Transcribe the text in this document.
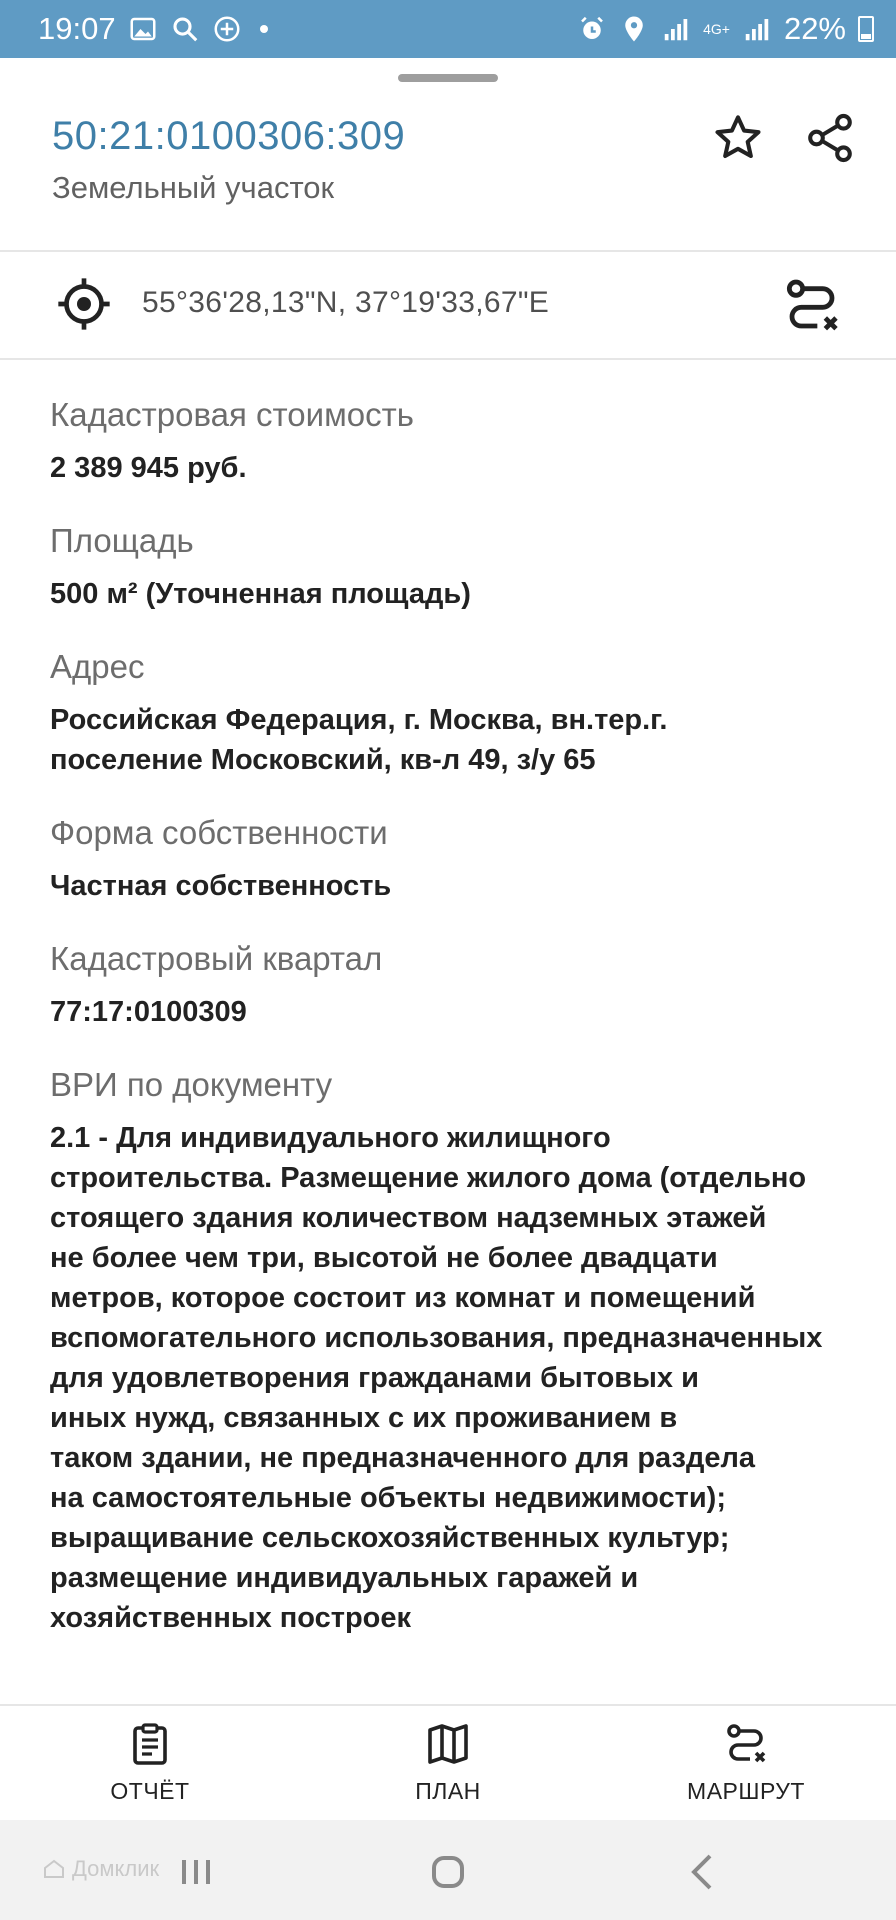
19:07	4G+ 22%
50:21:0100306:309
Земельный участок
55°36'28,13"N, 37°19'33,67"E
Кадастровая стоимость
2 389 945 руб.
Площадь
500 м² (Уточненная площадь)
Адрес
Российская Федерация, г. Москва, вн.тер.г.
поселение Московский, кв-л 49, з/у 65
Форма собственности
Частная собственность
Кадастровый квартал
77:17:0100309
ВРИ по документу
2.1 - Для индивидуального жилищного
строительства. Размещение жилого дома (отдельно
стоящего здания количеством надземных этажей
не более чем три, высотой не более двадцати
метров, которое состоит из комнат и помещений
вспомогательного использования, предназначенных
для удовлетворения гражданами бытовых и
иных нужд, связанных с их проживанием в
таком здании, не предназначенного для раздела
на самостоятельные объекты недвижимости);
выращивание сельскохозяйственных культур;
размещение индивидуальных гаражей и
хозяйственных построек
ОТЧЁТ	ПЛАН	МАРШРУТ
Домклик
